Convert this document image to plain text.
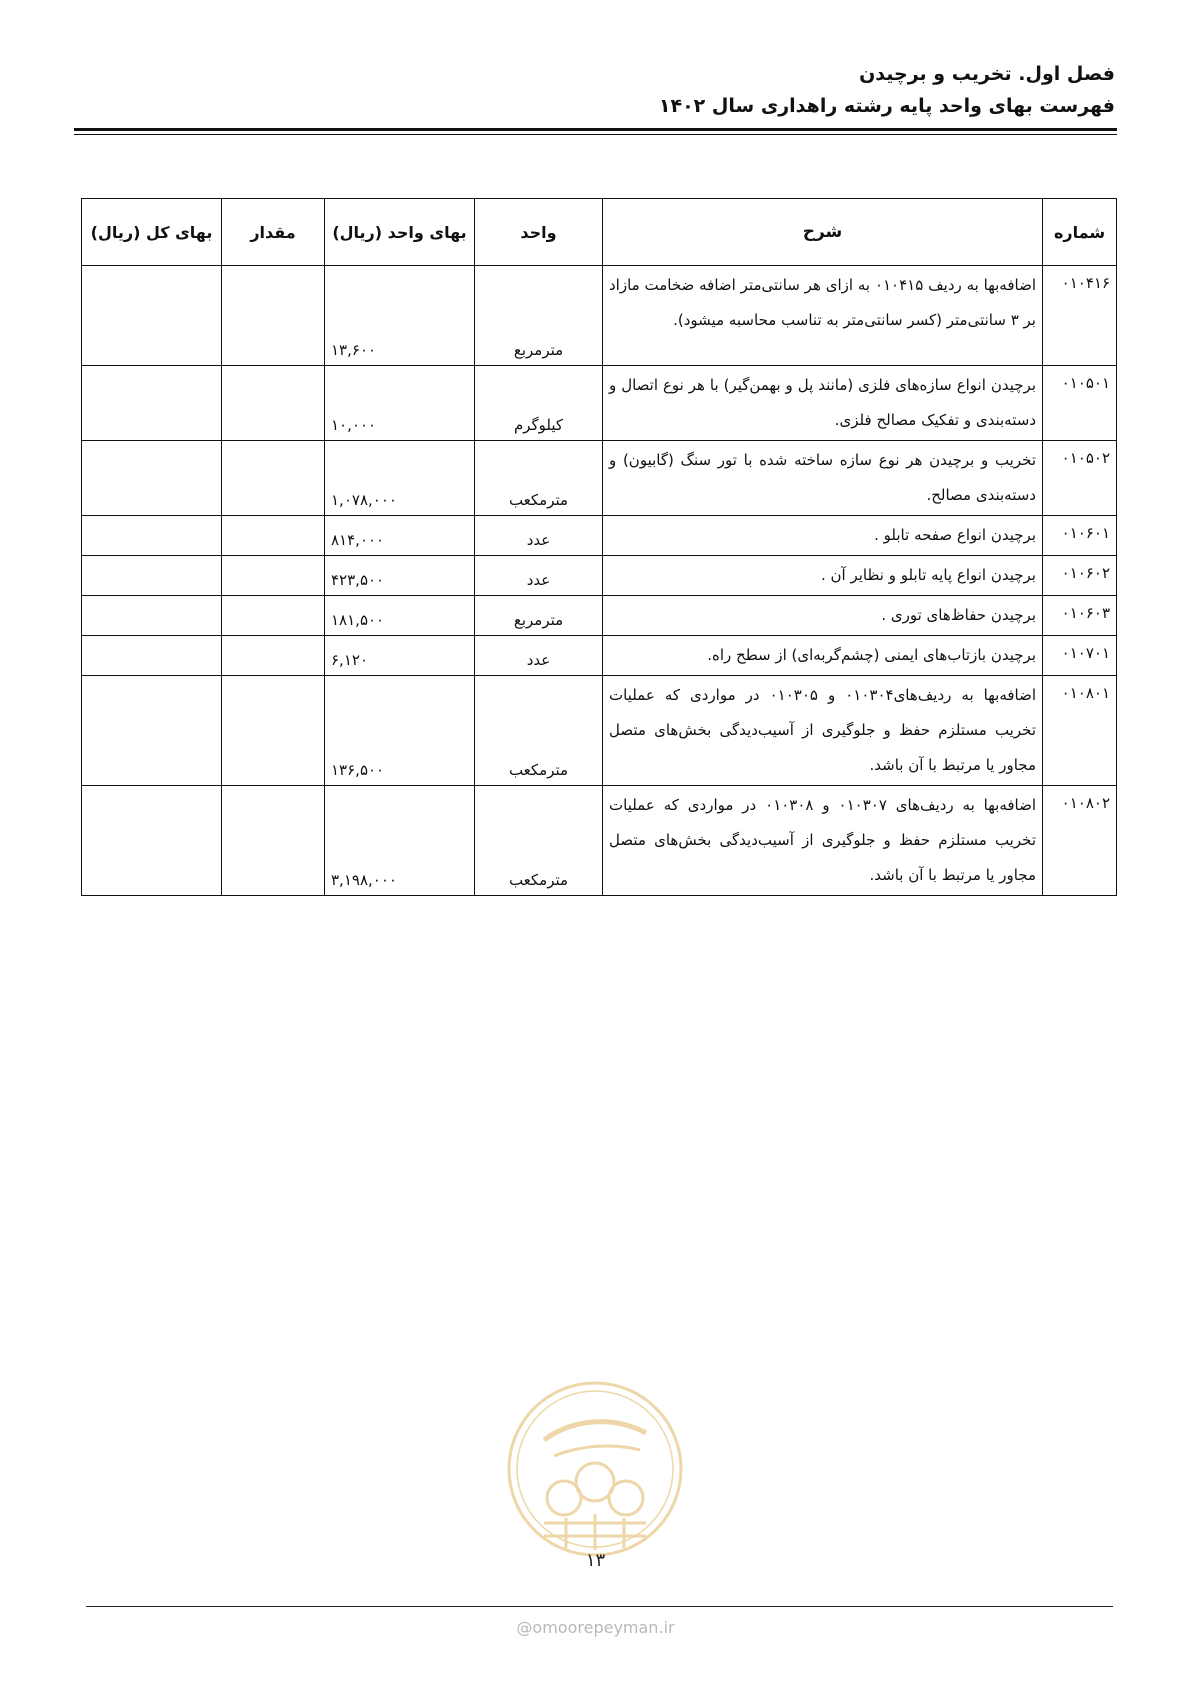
فصل اول. تخریب و برچیدن
فهرست بهای واحد پایه رشته راهداری سال ۱۴۰۲
شماره	شرح	واحد	بهای واحد (ریال)	مقدار	بهای کل (ریال)
۰۱۰۴۱۶	اضافه‌بها به ردیف ۰۱۰۴۱۵ به ازای هر سانتی‌متر اضافه ضخامت مازاد بر ۳ سانتی‌متر (کسر سانتی‌متر به تناسب محاسبه میشود).	مترمربع	۱۳,۶۰۰		
۰۱۰۵۰۱	برچیدن انواع سازه‌های فلزی (مانند پل و بهمن‌گیر) با هر نوع اتصال و دسته‌بندی و تفکیک مصالح فلزی.	کیلوگرم	۱۰,۰۰۰		
۰۱۰۵۰۲	تخریب و برچیدن هر نوع سازه ساخته شده با تور سنگ (گابیون) و دسته‌بندی مصالح.	مترمکعب	۱,۰۷۸,۰۰۰		
۰۱۰۶۰۱	برچیدن انواع صفحه تابلو .	عدد	۸۱۴,۰۰۰		
۰۱۰۶۰۲	برچیدن انواع پایه تابلو و نظایر آن .	عدد	۴۲۳,۵۰۰		
۰۱۰۶۰۳	برچیدن حفاظ‌های توری .	مترمربع	۱۸۱,۵۰۰		
۰۱۰۷۰۱	برچیدن بازتاب‌های ایمنی (چشم‌گربه‌ای) از سطح راه.	عدد	۶,۱۲۰		
۰۱۰۸۰۱	اضافه‌بها به ردیف‌های۰۱۰۳۰۴ و ۰۱۰۳۰۵ در مواردی که عملیات تخریب مستلزم حفظ و جلوگیری از آسیب‌دیدگی بخش‌های متصل مجاور یا مرتبط با آن باشد.	مترمکعب	۱۳۶,۵۰۰		
۰۱۰۸۰۲	اضافه‌بها به ردیف‌های ۰۱۰۳۰۷ و ۰۱۰۳۰۸ در مواردی که عملیات تخریب مستلزم حفظ و جلوگیری از آسیب‌دیدگی بخش‌های متصل مجاور یا مرتبط با آن باشد.	مترمکعب	۳,۱۹۸,۰۰۰		
۱۳
@omoorepeyman.ir
